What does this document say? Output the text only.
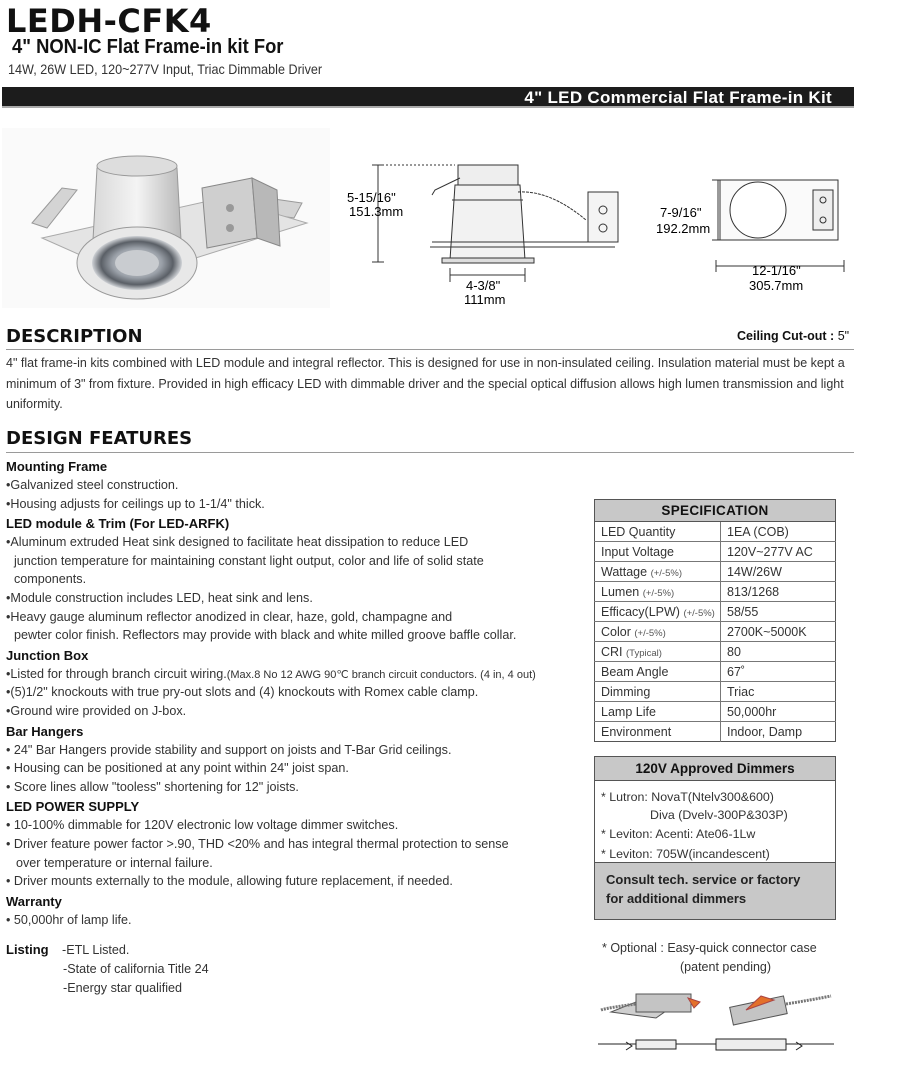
LEDH-CFK4
4" NON-IC Flat Frame-in kit For
14W, 26W LED, 120~277V Input, Triac Dimmable Driver
4" LED Commercial Flat Frame-in Kit
5-15/16"
151.3mm
4-3/8"
111mm
7-9/16"
192.2mm
12-1/16"
305.7mm
DESCRIPTION	Ceiling Cut-out : 5"
4" flat frame-in kits combined with LED module and integral reflector. This is designed for use in non-insulated ceiling. Insulation material must be kept a minimum of 3" from fixture. Provided in high efficacy LED with dimmable driver and the special optical diffusion allows high lumen transmission and light uniformity.
DESIGN FEATURES
Mounting Frame
•Galvanized steel construction.
•Housing adjusts for ceilings up to 1-1/4" thick.
LED module & Trim (For LED-ARFK)
•Aluminum extruded Heat sink designed to facilitate heat dissipation to reduce LED
junction temperature for maintaining constant light output, color and life of solid state
components.
•Module construction includes LED, heat sink and lens.
•Heavy gauge aluminum reflector anodized in clear, haze, gold, champagne and
pewter color finish. Reflectors may provide with black and white milled groove baffle collar.
Junction Box
•Listed for through branch circuit wiring.(Max.8 No 12 AWG 90℃ branch circuit conductors. (4 in, 4 out)
•(5)1/2" knockouts with true pry-out slots and (4) knockouts with Romex cable clamp.
•Ground wire provided on J-box.
Bar Hangers
• 24" Bar Hangers provide stability and support on joists and T-Bar Grid ceilings.
• Housing can be positioned at any point within 24" joist span.
• Score lines allow "tooless" shortening for 12" joists.
LED POWER SUPPLY
• 10-100% dimmable for 120V electronic low voltage dimmer switches.
• Driver feature power factor >.90, THD <20% and has integral thermal protection to sense
over temperature or internal failure.
• Driver mounts externally to the module, allowing future replacement, if needed.
Warranty
• 50,000hr of lamp life.
Listing -ETL Listed.
-State of california Title 24
-Energy star qualified
SPECIFICATION	
LED Quantity	1EA (COB)
Input Voltage	120V~277V AC
Wattage (+/-5%)	14W/26W
Lumen (+/-5%)	813/1268
Efficacy(LPW) (+/-5%)	58/55
Color (+/-5%)	2700K~5000K
CRI (Typical)	80
Beam Angle	67˚
Dimming	Triac
Lamp Life	50,000hr
Environment	Indoor, Damp
120V Approved Dimmers
* Lutron: NovaT(Ntelv300&600)
Diva (Dvelv-300P&303P)
* Leviton: Acenti: Ate06-1Lw
* Leviton: 705W(incandescent)
Consult tech. service or factory
for additional dimmers
* Optional : Easy-quick connector case
(patent pending)
